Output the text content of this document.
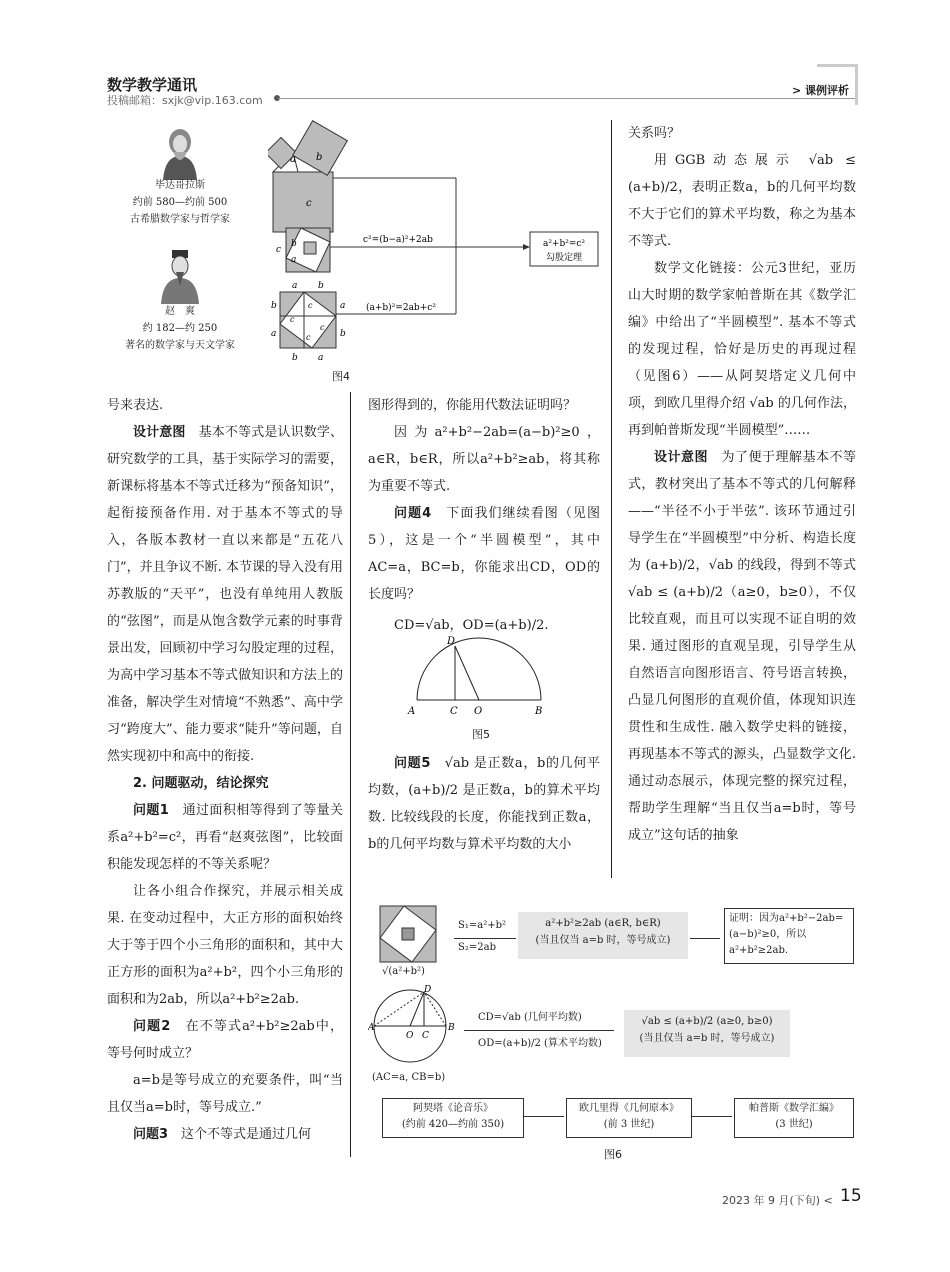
数学教学通讯
投稿邮箱：sxjk@vip.163.com
> 课例评析
毕达哥拉斯
约前 580—约前 500
古希腊数学家与哲学家
赵　爽
约 182—约 250
著名的数学家与天文学家
a b
c
c
b
a
c²=(b−a)²+2ab
a b
b
a
a
b
b a
c
c
c
c
(a+b)²=2ab+c²
a²+b²=c²
勾股定理
图4

号来表达.

设计意图　基本不等式是认识数学、研究数学的工具，基于实际学习的需要，新课标将基本不等式迁移为“预备知识”，起衔接预备作用. 对于基本不等式的导入，各版本教材一直以来都是“五花八门”，并且争议不断. 本节课的导入没有用苏教版的“天平”，也没有单纯用人教版的“弦图”，而是从饱含数学元素的时事背景出发，回顾初中学习勾股定理的过程，为高中学习基本不等式做知识和方法上的准备，解决学生对情境“不熟悉”、高中学习“跨度大”、能力要求“陡升”等问题，自然实现初中和高中的衔接.

2. 问题驱动，结论探究

问题1　通过面积相等得到了等量关系a²+b²=c²，再看“赵爽弦图”，比较面积能发现怎样的不等关系呢？

让各小组合作探究，并展示相关成果. 在变动过程中，大正方形的面积始终大于等于四个小三角形的面积和，其中大正方形的面积为a²+b²，四个小三角形的面积和为2ab，所以a²+b²≥2ab.

问题2　在不等式a²+b²≥2ab中，等号何时成立？

a=b是等号成立的充要条件，叫“当且仅当a=b时，等号成立.”

问题3　这个不等式是通过几何

图形得到的，你能用代数法证明吗？

因为a²+b²−2ab=(a−b)²≥0，a∈R，b∈R，所以a²+b²≥ab，将其称为重要不等式.

问题4　下面我们继续看图（见图5），这是一个“半圆模型”，其中AC=a，BC=b，你能求出CD，OD的长度吗？

CD=√ab，OD=(a+b)/2.

A	C O	B
D
图5

问题5　√ab 是正数a，b的几何平均数，(a+b)/2 是正数a，b的算术平均数. 比较线段的长度，你能找到正数a，b的几何平均数与算术平均数的大小

关系吗？

用GGB动态展示 √ab ≤ (a+b)/2，表明正数a，b的几何平均数不大于它们的算术平均数，称之为基本不等式.

数学文化链接：公元3世纪，亚历山大时期的数学家帕普斯在其《数学汇编》中给出了“半圆模型”. 基本不等式的发现过程，恰好是历史的再现过程（见图6）——从阿契塔定义几何中项，到欧几里得介绍 √ab 的几何作法，再到帕普斯发现“半圆模型”……

设计意图　为了便于理解基本不等式，教材突出了基本不等式的几何解释——“半径不小于半弦”. 该环节通过引导学生在“半圆模型”中分析、构造长度为 (a+b)/2，√ab 的线段，得到不等式 √ab ≤ (a+b)/2（a≥0，b≥0），不仅比较直观，而且可以实现不证自明的效果. 通过图形的直观呈现，引导学生从自然语言向图形语言、符号语言转换，凸显几何图形的直观价值，体现知识连贯性和生成性. 融入数学史料的链接，再现基本不等式的源头，凸显数学文化. 通过动态展示，体现完整的探究过程，帮助学生理解“当且仅当a=b时，等号成立”这句话的抽象

√(a²+b²)
S₁=a²+b²
S₂=2ab
a²+b²≥2ab (a∈R, b∈R)
(当且仅当 a=b 时，等号成立)
证明：因为a²+b²−2ab=(a−b)²≥0，所以a²+b²≥2ab.
A	B
O C
D
(AC=a, CB=b)
CD=√ab (几何平均数)
OD=(a+b)/2 (算术平均数)
√ab ≤ (a+b)/2 (a≥0, b≥0)
(当且仅当 a=b 时，等号成立)
阿契塔《论音乐》
(约前 420—约前 350)
欧几里得《几何原本》
(前 3 世纪)
帕普斯《数学汇编》
(3 世纪)
图6
2023 年 9 月(下旬) < 15
